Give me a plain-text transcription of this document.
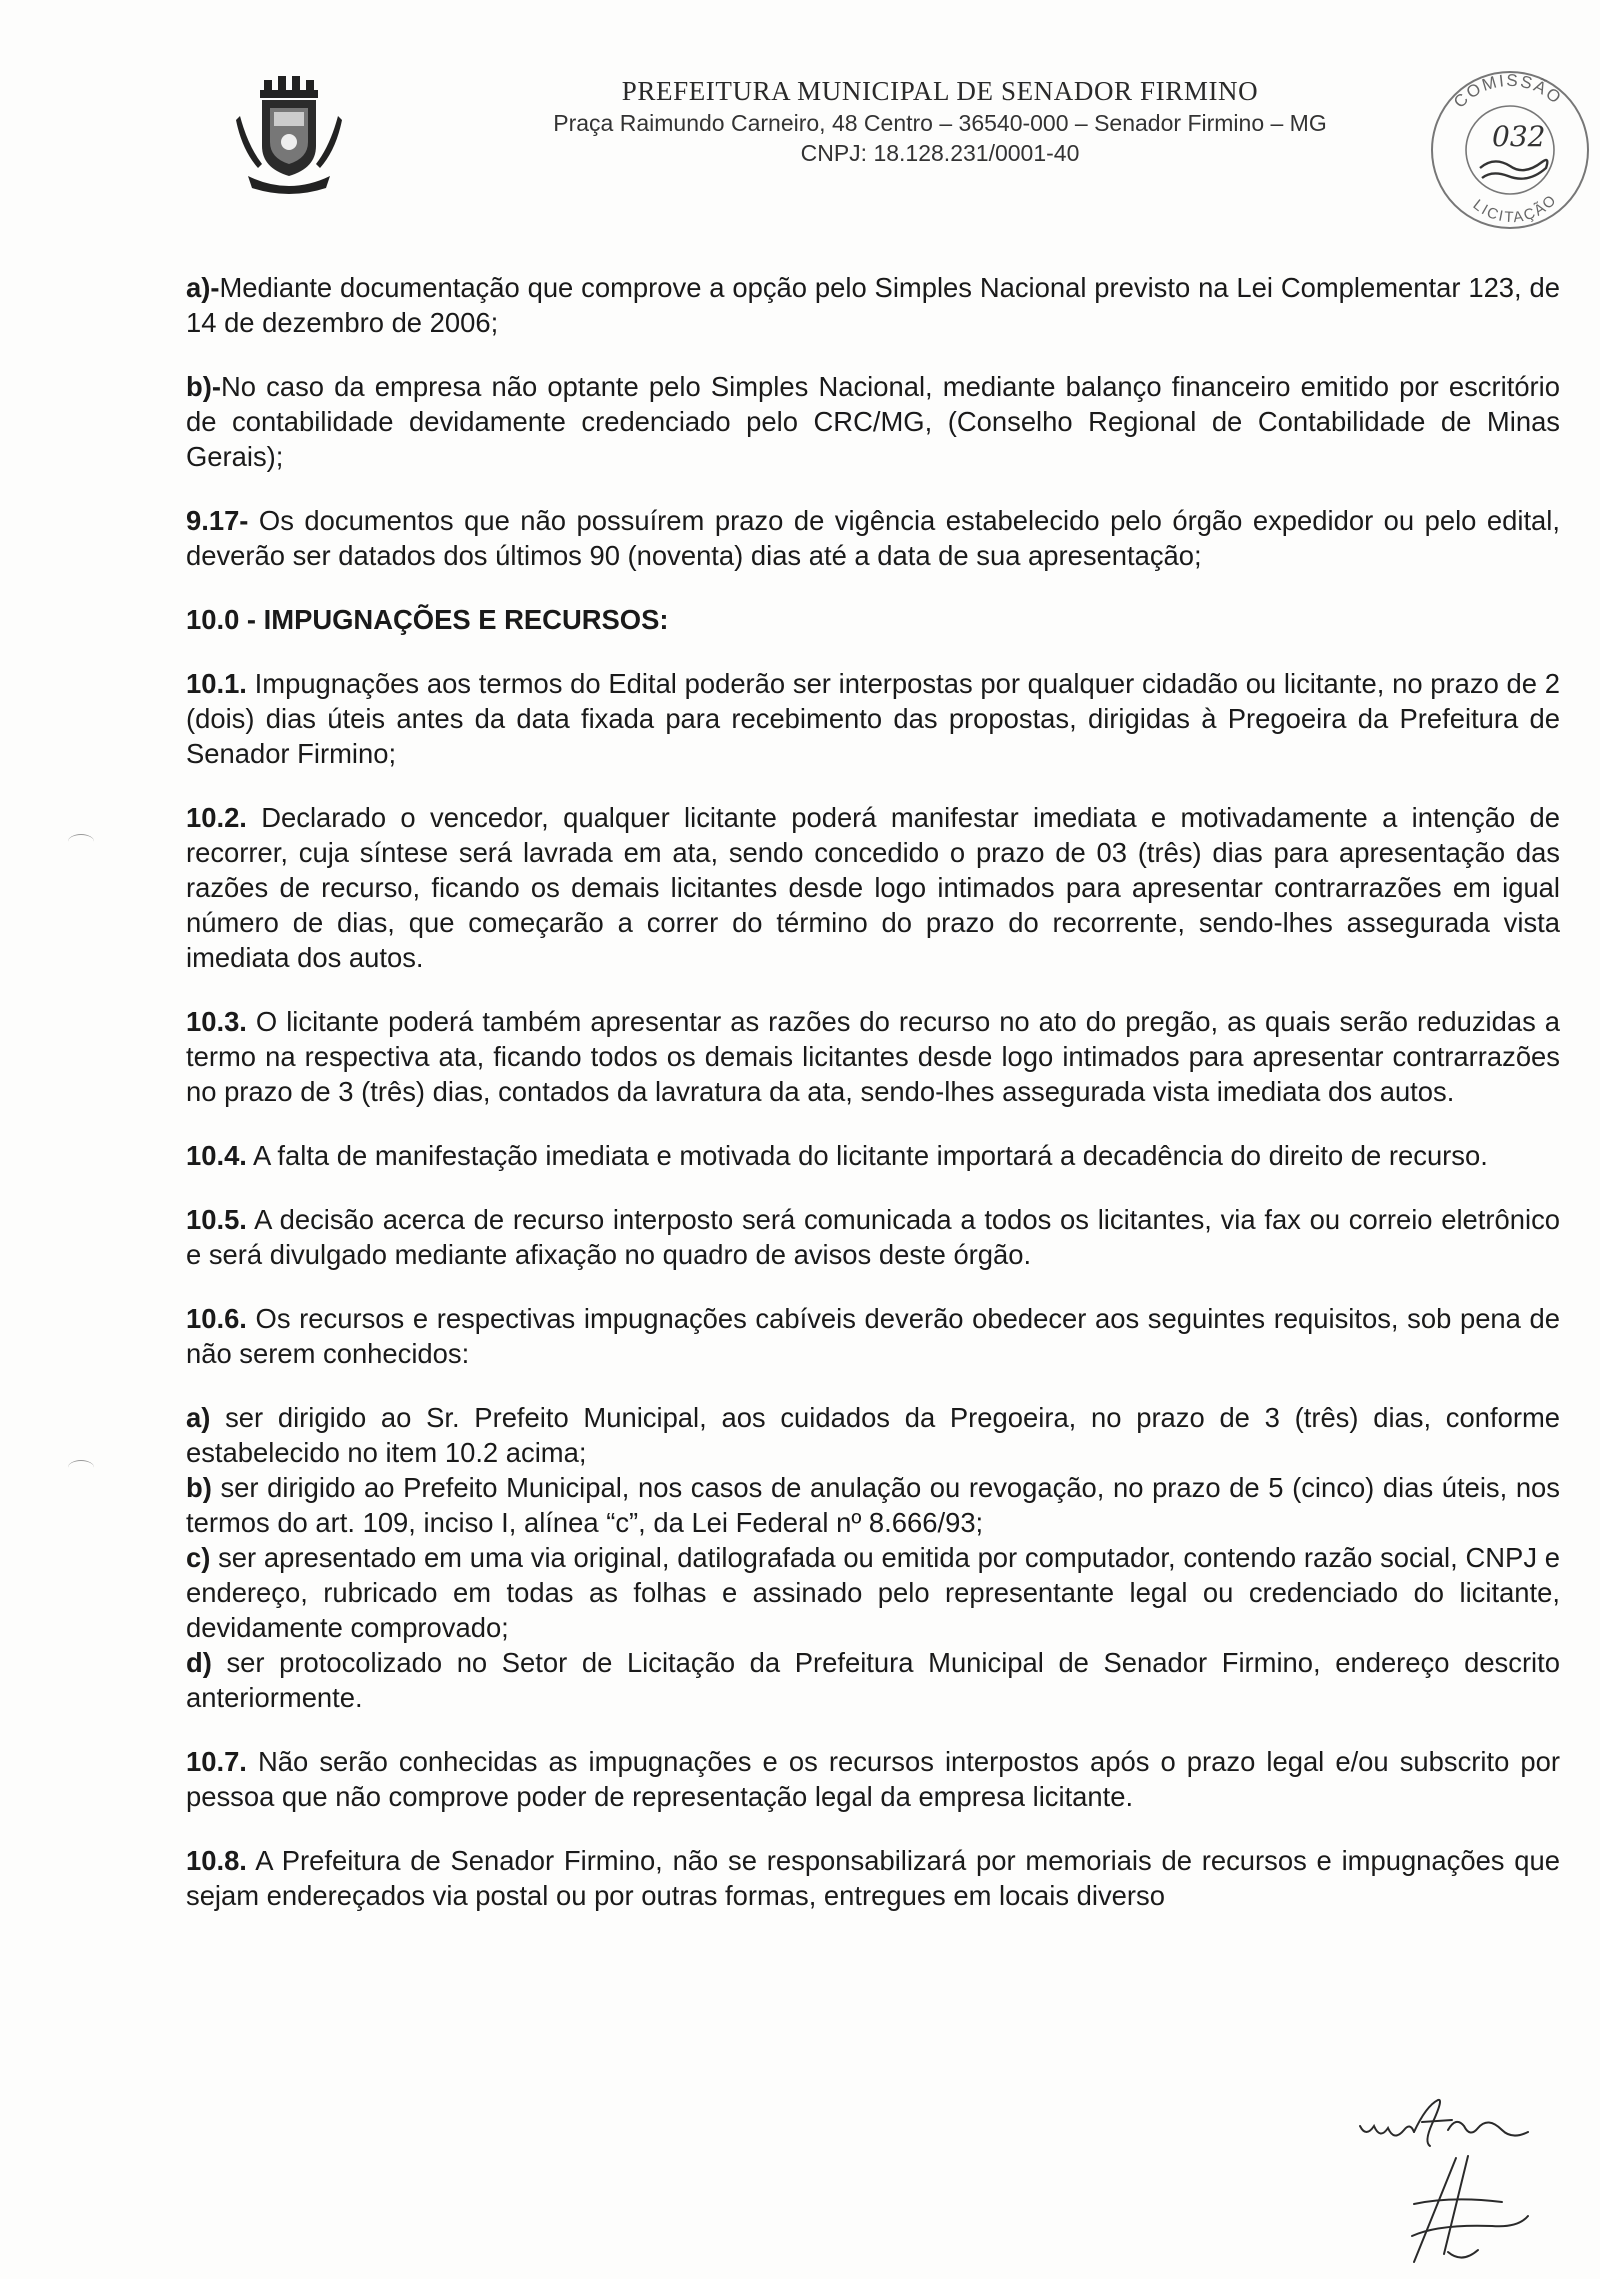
PREFEITURA MUNICIPAL DE SENADOR FIRMINO
Praça Raimundo Carneiro, 48 Centro – 36540-000 – Senador Firmino – MG
CNPJ: 18.128.231/0001-40
COMISSÃO
LICITAÇÃO
032

a)-Mediante documentação que comprove a opção pelo Simples Nacional previsto na Lei Complementar 123, de 14 de dezembro de 2006;

b)-No caso da empresa não optante pelo Simples Nacional, mediante balanço financeiro emitido por escritório de contabilidade devidamente credenciado pelo CRC/MG, (Conselho Regional de Contabilidade de Minas Gerais);

9.17- Os documentos que não possuírem prazo de vigência estabelecido pelo órgão expedidor ou pelo edital, deverão ser datados dos últimos 90 (noventa) dias até a data de sua apresentação;

10.0 - IMPUGNAÇÕES E RECURSOS:

10.1. Impugnações aos termos do Edital poderão ser interpostas por qualquer cidadão ou licitante, no prazo de 2 (dois) dias úteis antes da data fixada para recebimento das propostas, dirigidas à Pregoeira da Prefeitura de Senador Firmino;

10.2. Declarado o vencedor, qualquer licitante poderá manifestar imediata e motivadamente a intenção de recorrer, cuja síntese será lavrada em ata, sendo concedido o prazo de 03 (três) dias para apresentação das razões de recurso, ficando os demais licitantes desde logo intimados para apresentar contrarrazões em igual número de dias, que começarão a correr do término do prazo do recorrente, sendo-lhes assegurada vista imediata dos autos.

10.3. O licitante poderá também apresentar as razões do recurso no ato do pregão, as quais serão reduzidas a termo na respectiva ata, ficando todos os demais licitantes desde logo intimados para apresentar contrarrazões no prazo de 3 (três) dias, contados da lavratura da ata, sendo-lhes assegurada vista imediata dos autos.

10.4. A falta de manifestação imediata e motivada do licitante importará a decadência do direito de recurso.

10.5. A decisão acerca de recurso interposto será comunicada a todos os licitantes, via fax ou correio eletrônico e será divulgado mediante afixação no quadro de avisos deste órgão.

10.6. Os recursos e respectivas impugnações cabíveis deverão obedecer aos seguintes requisitos, sob pena de não serem conhecidos:

a) ser dirigido ao Sr. Prefeito Municipal, aos cuidados da Pregoeira, no prazo de 3 (três) dias, conforme estabelecido no item 10.2 acima;

b) ser dirigido ao Prefeito Municipal, nos casos de anulação ou revogação, no prazo de 5 (cinco) dias úteis, nos termos do art. 109, inciso I, alínea “c”, da Lei Federal nº 8.666/93;

c) ser apresentado em uma via original, datilografada ou emitida por computador, contendo razão social, CNPJ e endereço, rubricado em todas as folhas e assinado pelo representante legal ou credenciado do licitante, devidamente comprovado;

d) ser protocolizado no Setor de Licitação da Prefeitura Municipal de Senador Firmino, endereço descrito anteriormente.

10.7. Não serão conhecidas as impugnações e os recursos interpostos após o prazo legal e/ou subscrito por pessoa que não comprove poder de representação legal da empresa licitante.

10.8. A Prefeitura de Senador Firmino, não se responsabilizará por memoriais de recursos e impugnações que sejam endereçados via postal ou por outras formas, entregues em locais diverso
